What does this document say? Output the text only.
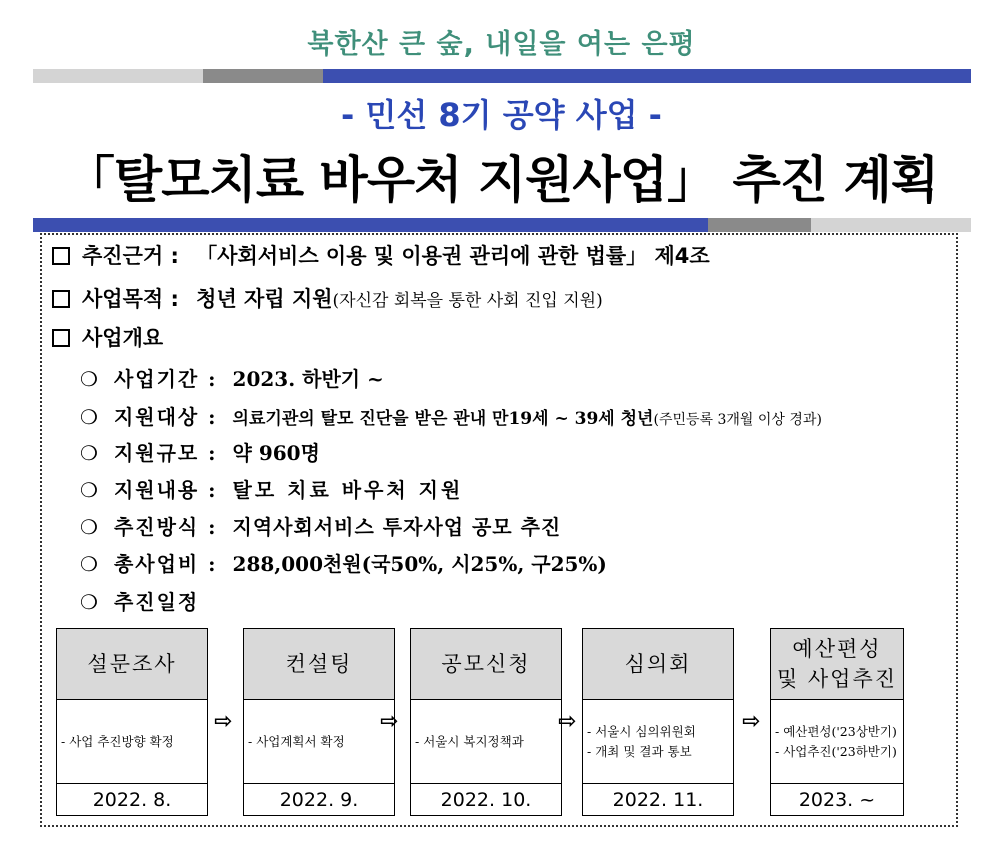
북한산 큰 숲, 내일을 여는 은평
- 민선 8기 공약 사업 -
「탈모치료 바우처 지원사업」 추진 계획
추진근거 : 「사회서비스 이용 및 이용권 관리에 관한 법률」 제4조
사업목적 : 청년 자립 지원(자신감 회복을 통한 사회 진입 지원)
사업개요
❍ 사업기간 : 2023. 하반기 ~
❍ 지원대상 : 의료기관의 탈모 진단을 받은 관내 만19세 ~ 39세 청년(주민등록 3개월 이상 경과)
❍ 지원규모 : 약 960명
❍ 지원내용 : 탈모 치료 바우처 지원
❍ 추진방식 : 지역사회서비스 투자사업 공모 추진
❍ 총사업비 : 288,000천원(국50%, 시25%, 구25%)
❍ 추진일정
설문조사
- 사업 추진방향 확정
2022. 8.
⇨
컨설팅
- 사업계획서 확정
2022. 9.
⇨
공모신청
- 서울시 복지정책과
2022. 10.
⇨
심의회
- 서울시 심의위원회
- 개최 및 결과 통보
2022. 11.
⇨
예산편성
및 사업추진
- 예산편성('23상반기)
- 사업추진('23하반기)
2023. ~
